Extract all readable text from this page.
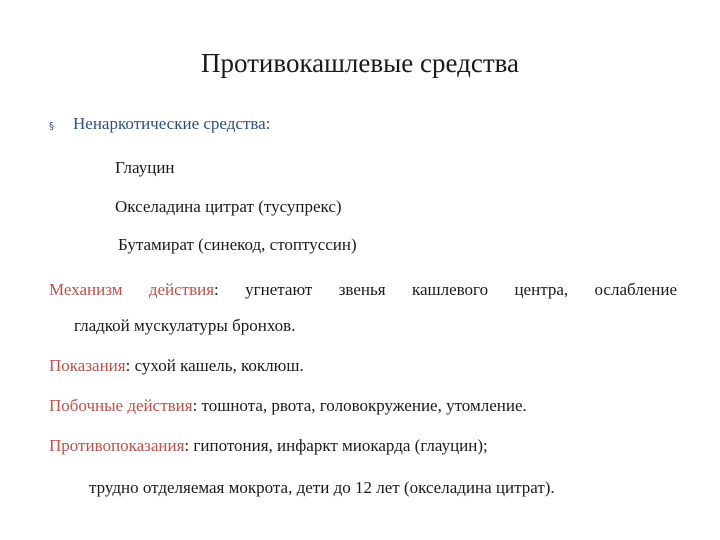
Противокашлевые средства
§ Ненаркотические средства:
Глауцин
Окселадина цитрат (тусупрекс)
Бутамират (синекод, стоптуссин)
Механизм действия: угнетают звенья кашлевого центра, ослабление
гладкой мускулатуры бронхов.
Показания: сухой кашель, коклюш.
Побочные действия: тошнота, рвота, головокружение, утомление.
Противопоказания: гипотония, инфаркт миокарда (глауцин);
трудно отделяемая мокрота, дети до 12 лет (окселадина цитрат).
